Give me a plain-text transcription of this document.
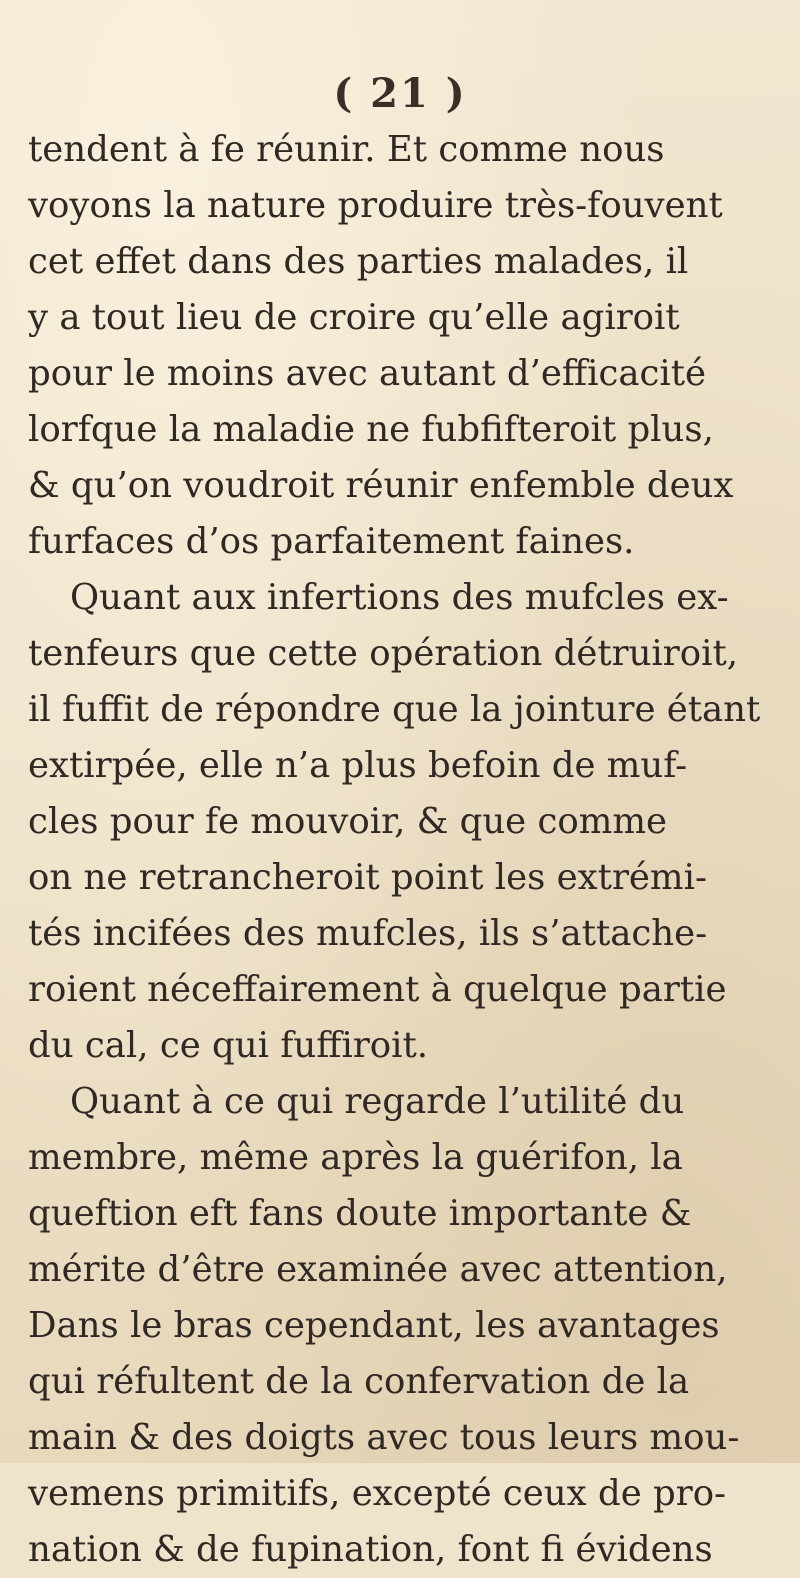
( 21 )
tendent à fe réunir. Et comme nous
voyons la nature produire très-fouvent
cet effet dans des parties malades, il
y a tout lieu de croire qu’elle agiroit
pour le moins avec autant d’efficacité
lorfque la maladie ne fubfifteroit plus,
& qu’on voudroit réunir enfemble deux
furfaces d’os parfaitement faines.
Quant aux infertions des mufcles ex-
tenfeurs que cette opération détruiroit,
il fuffit de répondre que la jointure étant
extirpée, elle n’a plus befoin de muf-
cles pour fe mouvoir, & que comme
on ne retrancheroit point les extrémi-
tés incifées des mufcles, ils s’attache-
roient néceffairement à quelque partie
du cal, ce qui fuffiroit.
Quant à ce qui regarde l’utilité du
membre, même après la guérifon, la
queftion eft fans doute importante &
mérite d’être examinée avec attention,
Dans le bras cependant, les avantages
qui réfultent de la confervation de la
main & des doigts avec tous leurs mou-
vemens primitifs, excepté ceux de pro-
nation & de fupination, font fi évidens
